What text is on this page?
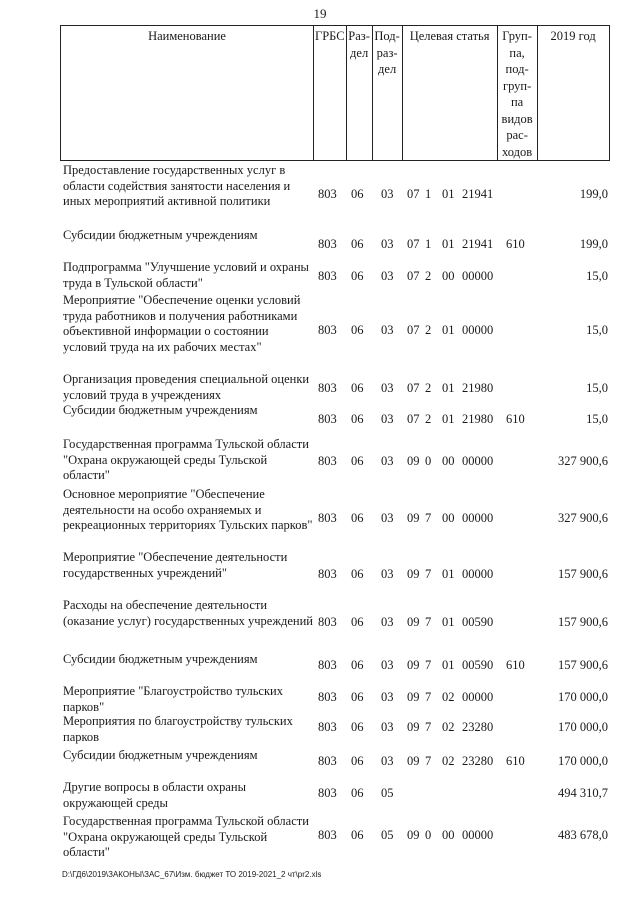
19
Наименование	ГРБС	Раз-
дел	Под-
раз-
дел	Целевая статья	Груп-
па,
под-
груп-
па
видов
рас-
ходов	2019 год
Предоставление государственных услуг в области содействия занятости населения и иных мероприятий активной политики	803 06 03 07 1 01 21941	199,0
Субсидии бюджетным учреждениям
803 06 03 07 1 01 21941 610	199,0
Подпрограмма "Улучшение условий и охраны труда в Тульской области"	803 06 03 07 2 00 00000	15,0
Мероприятие "Обеспечение оценки условий труда работников и получения работниками объективной информации о состоянии условий труда на их рабочих местах"
803 06 03 07 2 01 00000	15,0
Организация проведения специальной оценки условий труда в учреждениях	803 06 03 07 2 01 21980	15,0
Субсидии бюджетным учреждениям
803 06 03 07 2 01 21980 610	15,0
Государственная программа Тульской области "Охрана окружающей среды Тульской области"
803 06 03 09 0 00 00000	327 900,6
Основное мероприятие "Обеспечение деятельности на особо охраняемых и рекреационных территориях Тульских парков" 803 06 03 09 7 00 00000	327 900,6
Мероприятие "Обеспечение деятельности государственных учреждений"	803 06 03 09 7 01 00000	157 900,6
Расходы на обеспечение деятельности (оказание услуг) государственных учреждений 803 06 03 09 7 01 00590	157 900,6
Субсидии бюджетным учреждениям	803 06 03 09 7 01 00590 610	157 900,6
Мероприятие "Благоустройство тульских парков"
803 06 03 09 7 02 00000	170 000,0
Мероприятия по благоустройству тульских парков
803 06 03 09 7 02 23280	170 000,0
Субсидии бюджетным учреждениям	803 06 03 09 7 02 23280 610	170 000,0
Другие вопросы в области охраны окружающей среды
803 06 05	494 310,7
Государственная программа Тульской области "Охрана окружающей среды Тульской области"
803 06 05 09 0 00 00000	483 678,0
D:\ГД6\2019\ЗАКОНЫ\ЗАС_67\Изм. бюджет ТО 2019-2021_2 чт\pr2.xls
